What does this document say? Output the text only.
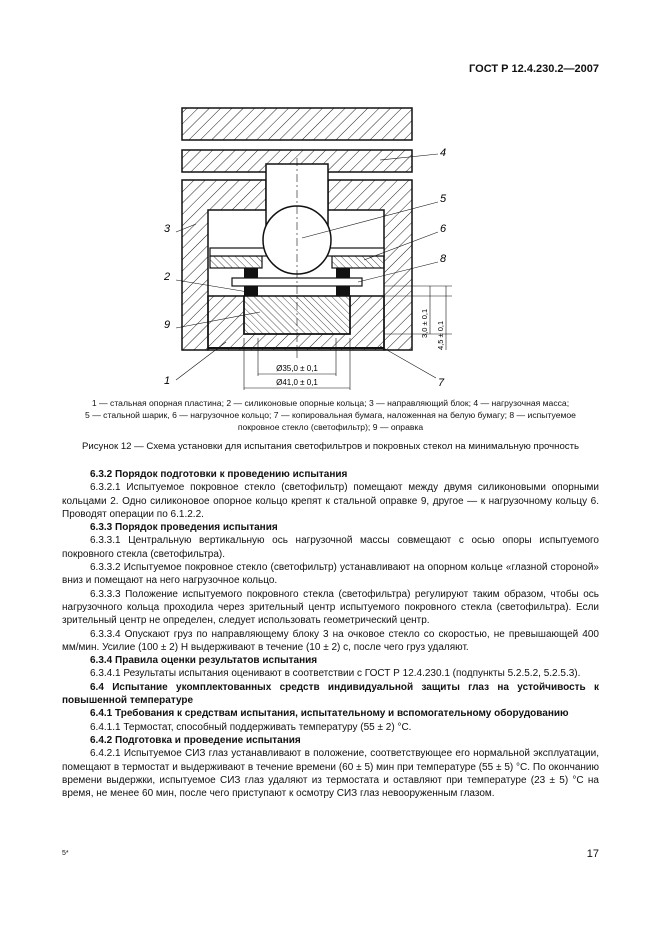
ГОСТ Р 12.4.230.2—2007
Ø35,0 ± 0,1
Ø41,0 ± 0,1
3,0 ± 0,1 4,5 ± 0,1
4
5
6
8
3
2
9
1	7
1 — стальная опорная пластина; 2 — силиконовые опорные кольца; 3 — направляющий блок; 4 — нагрузочная масса;
5 — стальной шарик, 6 — нагрузочное кольцо; 7 — копировальная бумага, наложенная на белую бумагу; 8 — испытуемое
покровное стекло (светофильтр); 9 — оправка
Рисунок 12 — Схема установки для испытания светофильтров и покровных стекол на минимальную прочность

6.3.2 Порядок подготовки к проведению испытания

6.3.2.1 Испытуемое покровное стекло (светофильтр) помещают между двумя силиконовыми опорными кольцами 2. Одно силиконовое опорное кольцо крепят к стальной оправке 9, другое — к нагрузочному кольцу 6. Проводят операции по 6.1.2.2.

6.3.3 Порядок проведения испытания

6.3.3.1 Центральную вертикальную ось нагрузочной массы совмещают с осью опоры испытуемого покровного стекла (светофильтра).

6.3.3.2 Испытуемое покровное стекло (светофильтр) устанавливают на опорном кольце «глазной стороной» вниз и помещают на него нагрузочное кольцо.

6.3.3.3 Положение испытуемого покровного стекла (светофильтра) регулируют таким образом, чтобы ось нагрузочного кольца проходила через зрительный центр испытуемого покровного стекла (светофильтра). Если зрительный центр не определен, следует использовать геометрический центр.

6.3.3.4 Опускают груз по направляющему блоку 3 на очковое стекло со скоростью, не превышающей 400 мм/мин. Усилие (100 ± 2) Н выдерживают в течение (10 ± 2) с, после чего груз удаляют.

6.3.4 Правила оценки результатов испытания

6.3.4.1 Результаты испытания оценивают в соответствии с ГОСТ Р 12.4.230.1 (подпункты 5.2.5.2, 5.2.5.3).

6.4 Испытание укомплектованных средств индивидуальной защиты глаз на устойчивость к повышенной температуре

6.4.1 Требования к средствам испытания, испытательному и вспомогательному оборудованию

6.4.1.1 Термостат, способный поддерживать температуру (55 ± 2) °С.

6.4.2 Подготовка и проведение испытания

6.4.2.1 Испытуемое СИЗ глаз устанавливают в положение, соответствующее его нормальной эксплуатации, помещают в термостат и выдерживают в течение времени (60 ± 5) мин при температуре (55 ± 5) °С. По окончанию времени выдержки, испытуемое СИЗ глаз удаляют из термостата и оставляют при температуре (23 ± 5) °С на время, не менее 60 мин, после чего приступают к осмотру СИЗ глаз невооруженным глазом.

5*	17
